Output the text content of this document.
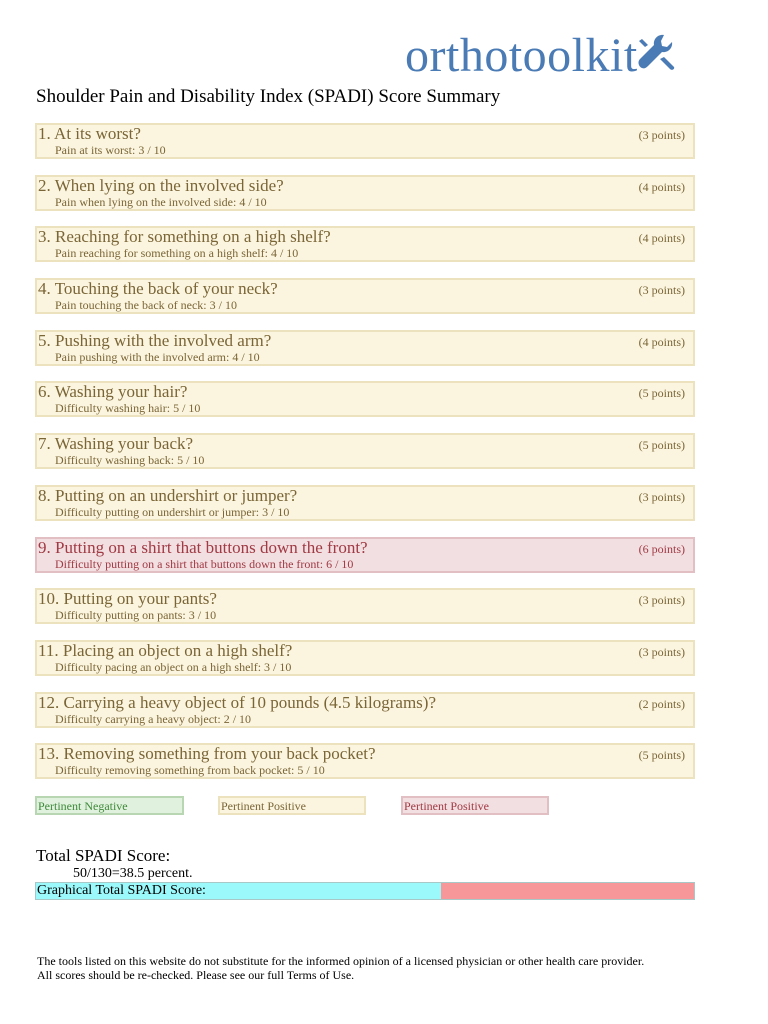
orthotoolkit
Shoulder Pain and Disability Index (SPADI) Score Summary
1. At its worst?	(3 points)
Pain at its worst: 3 / 10
2. When lying on the involved side?	(4 points)
Pain when lying on the involved side: 4 / 10
3. Reaching for something on a high shelf?	(4 points)
Pain reaching for something on a high shelf: 4 / 10
4. Touching the back of your neck?	(3 points)
Pain touching the back of neck: 3 / 10
5. Pushing with the involved arm?	(4 points)
Pain pushing with the involved arm: 4 / 10
6. Washing your hair?	(5 points)
Difficulty washing hair: 5 / 10
7. Washing your back?	(5 points)
Difficulty washing back: 5 / 10
8. Putting on an undershirt or jumper?	(3 points)
Difficulty putting on undershirt or jumper: 3 / 10
9. Putting on a shirt that buttons down the front?	(6 points)
Difficulty putting on a shirt that buttons down the front: 6 / 10
10. Putting on your pants?	(3 points)
Difficulty putting on pants: 3 / 10
11. Placing an object on a high shelf?	(3 points)
Difficulty pacing an object on a high shelf: 3 / 10
12. Carrying a heavy object of 10 pounds (4.5 kilograms)?	(2 points)
Difficulty carrying a heavy object: 2 / 10
13. Removing something from your back pocket?	(5 points)
Difficulty removing something from back pocket: 5 / 10
Pertinent Negative	Pertinent Positive	Pertinent Positive
Total SPADI Score:
50/130=38.5 percent.
Graphical Total SPADI Score:
The tools listed on this website do not substitute for the informed opinion of a licensed physician or other health care provider.
All scores should be re-checked. Please see our full Terms of Use.
